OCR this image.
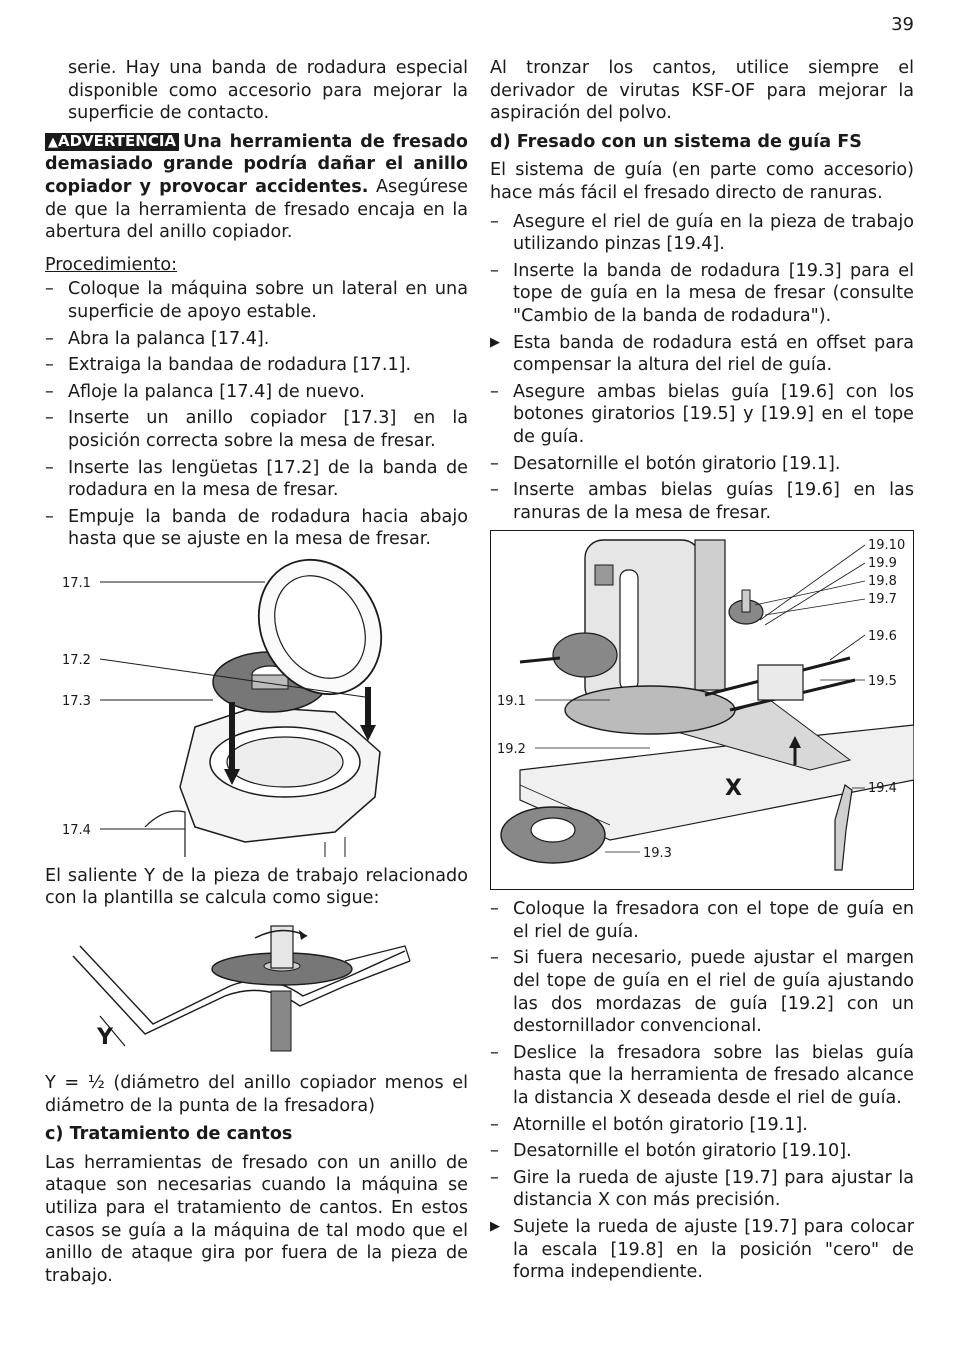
39

serie. Hay una banda de rodadura especial disponible como accesorio para mejorar la superficie de contacto.

▲ADVERTENCIA Una herramienta de fresado demasiado grande podría dañar el anillo copiador y provocar accidentes. Asegúrese de que la herramienta de fresado encaja en la abertura del anillo copiador.

Procedimiento:
– Coloque la máquina sobre un lateral en una superficie de apoyo estable.
– Abra la palanca [17.4].
– Extraiga la bandaa de rodadura [17.1].
– Afloje la palanca [17.4] de nuevo.
– Inserte un anillo copiador [17.3] en la posición correcta sobre la mesa de fresar.
– Inserte las lengüetas [17.2] de la banda de rodadura en la mesa de fresar.
– Empuje la banda de rodadura hacia abajo hasta que se ajuste en la mesa de fresar.
17.1
17.2
17.3
17.4

El saliente Y de la pieza de trabajo relacionado con la plantilla se calcula como sigue:

Y

Y = ½ (diámetro del anillo copiador menos el diámetro de la punta de la fresadora)

c) Tratamiento de cantos

Las herramientas de fresado con un anillo de ataque son necesarias cuando la máquina se utiliza para el tratamiento de cantos. En estos casos se guía a la máquina de tal modo que el anillo de ataque gira por fuera de la pieza de trabajo.

Al tronzar los cantos, utilice siempre el derivador de virutas KSF-OF para mejorar la aspiración del polvo.

d) Fresado con un sistema de guía FS

El sistema de guía (en parte como accesorio) hace más fácil el fresado directo de ranuras.

– Asegure el riel de guía en la pieza de trabajo utilizando pinzas [19.4].
– Inserte la banda de rodadura [19.3] para el tope de guía en la mesa de fresar (consulte "Cambio de la banda de rodadura").
▶ Esta banda de rodadura está en offset para compensar la altura del riel de guía.
– Asegure ambas bielas guía [19.6] con los botones giratorios [19.5] y [19.9] en el tope de guía.
– Desatornille el botón giratorio [19.1].
– Inserte ambas bielas guías [19.6] en las ranuras de la mesa de fresar.
X
19.10
19.9
19.8
19.7
19.6
19.5
19.4
19.3
19.1
19.2
– Coloque la fresadora con el tope de guía en el riel de guía.
– Si fuera necesario, puede ajustar el margen del tope de guía en el riel de guía ajustando las dos mordazas de guía [19.2] con un destornillador convencional.
– Deslice la fresadora sobre las bielas guía hasta que la herramienta de fresado alcance la distancia X deseada desde el riel de guía.
– Atornille el botón giratorio [19.1].
– Desatornille el botón giratorio [19.10].
– Gire la rueda de ajuste [19.7] para ajustar la distancia X con más precisión.
▶ Sujete la rueda de ajuste [19.7] para colocar la escala [19.8] en la posición "cero" de forma independiente.
